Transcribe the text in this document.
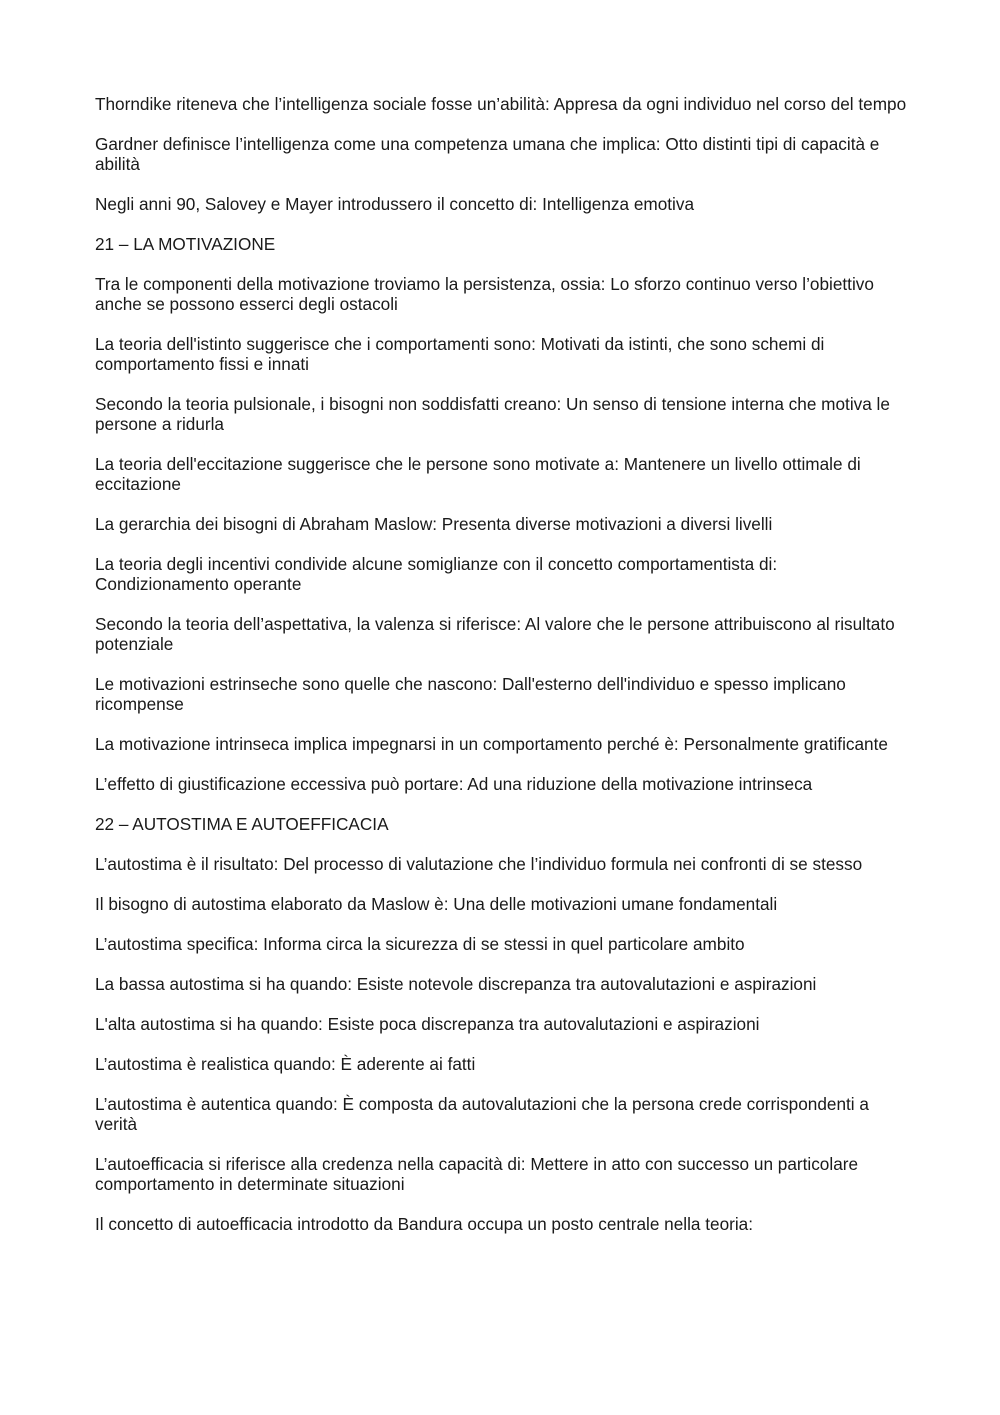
Thorndike riteneva che l’intelligenza sociale fosse un’abilità: Appresa da ogni individuo nel corso del tempo

Gardner definisce l’intelligenza come una competenza umana che implica: Otto distinti tipi di capacità e abilità

Negli anni 90, Salovey e Mayer introdussero il concetto di: Intelligenza emotiva

21 – LA MOTIVAZIONE

Tra le componenti della motivazione troviamo la persistenza, ossia: Lo sforzo continuo verso l’obiettivo anche se possono esserci degli ostacoli

La teoria dell'istinto suggerisce che i comportamenti sono: Motivati da istinti, che sono schemi di comportamento fissi e innati

Secondo la teoria pulsionale, i bisogni non soddisfatti creano: Un senso di tensione interna che motiva le persone a ridurla

La teoria dell'eccitazione suggerisce che le persone sono motivate a: Mantenere un livello ottimale di eccitazione

La gerarchia dei bisogni di Abraham Maslow: Presenta diverse motivazioni a diversi livelli

La teoria degli incentivi condivide alcune somiglianze con il concetto comportamentista di: Condizionamento operante

Secondo la teoria dell’aspettativa, la valenza si riferisce: Al valore che le persone attribuiscono al risultato potenziale

Le motivazioni estrinseche sono quelle che nascono: Dall'esterno dell'individuo e spesso implicano ricompense

La motivazione intrinseca implica impegnarsi in un comportamento perché è: Personalmente gratificante

L’effetto di giustificazione eccessiva può portare: Ad una riduzione della motivazione intrinseca

22 – AUTOSTIMA E AUTOEFFICACIA

L’autostima è il risultato: Del processo di valutazione che l’individuo formula nei confronti di se stesso

Il bisogno di autostima elaborato da Maslow è: Una delle motivazioni umane fondamentali

L’autostima specifica: Informa circa la sicurezza di se stessi in quel particolare ambito

La bassa autostima si ha quando: Esiste notevole discrepanza tra autovalutazioni e aspirazioni

L'alta autostima si ha quando: Esiste poca discrepanza tra autovalutazioni e aspirazioni

L’autostima è realistica quando: È aderente ai fatti

L’autostima è autentica quando: È composta da autovalutazioni che la persona crede corrispondenti a verità

L’autoefficacia si riferisce alla credenza nella capacità di: Mettere in atto con successo un particolare comportamento in determinate situazioni

Il concetto di autoefficacia introdotto da Bandura occupa un posto centrale nella teoria:
